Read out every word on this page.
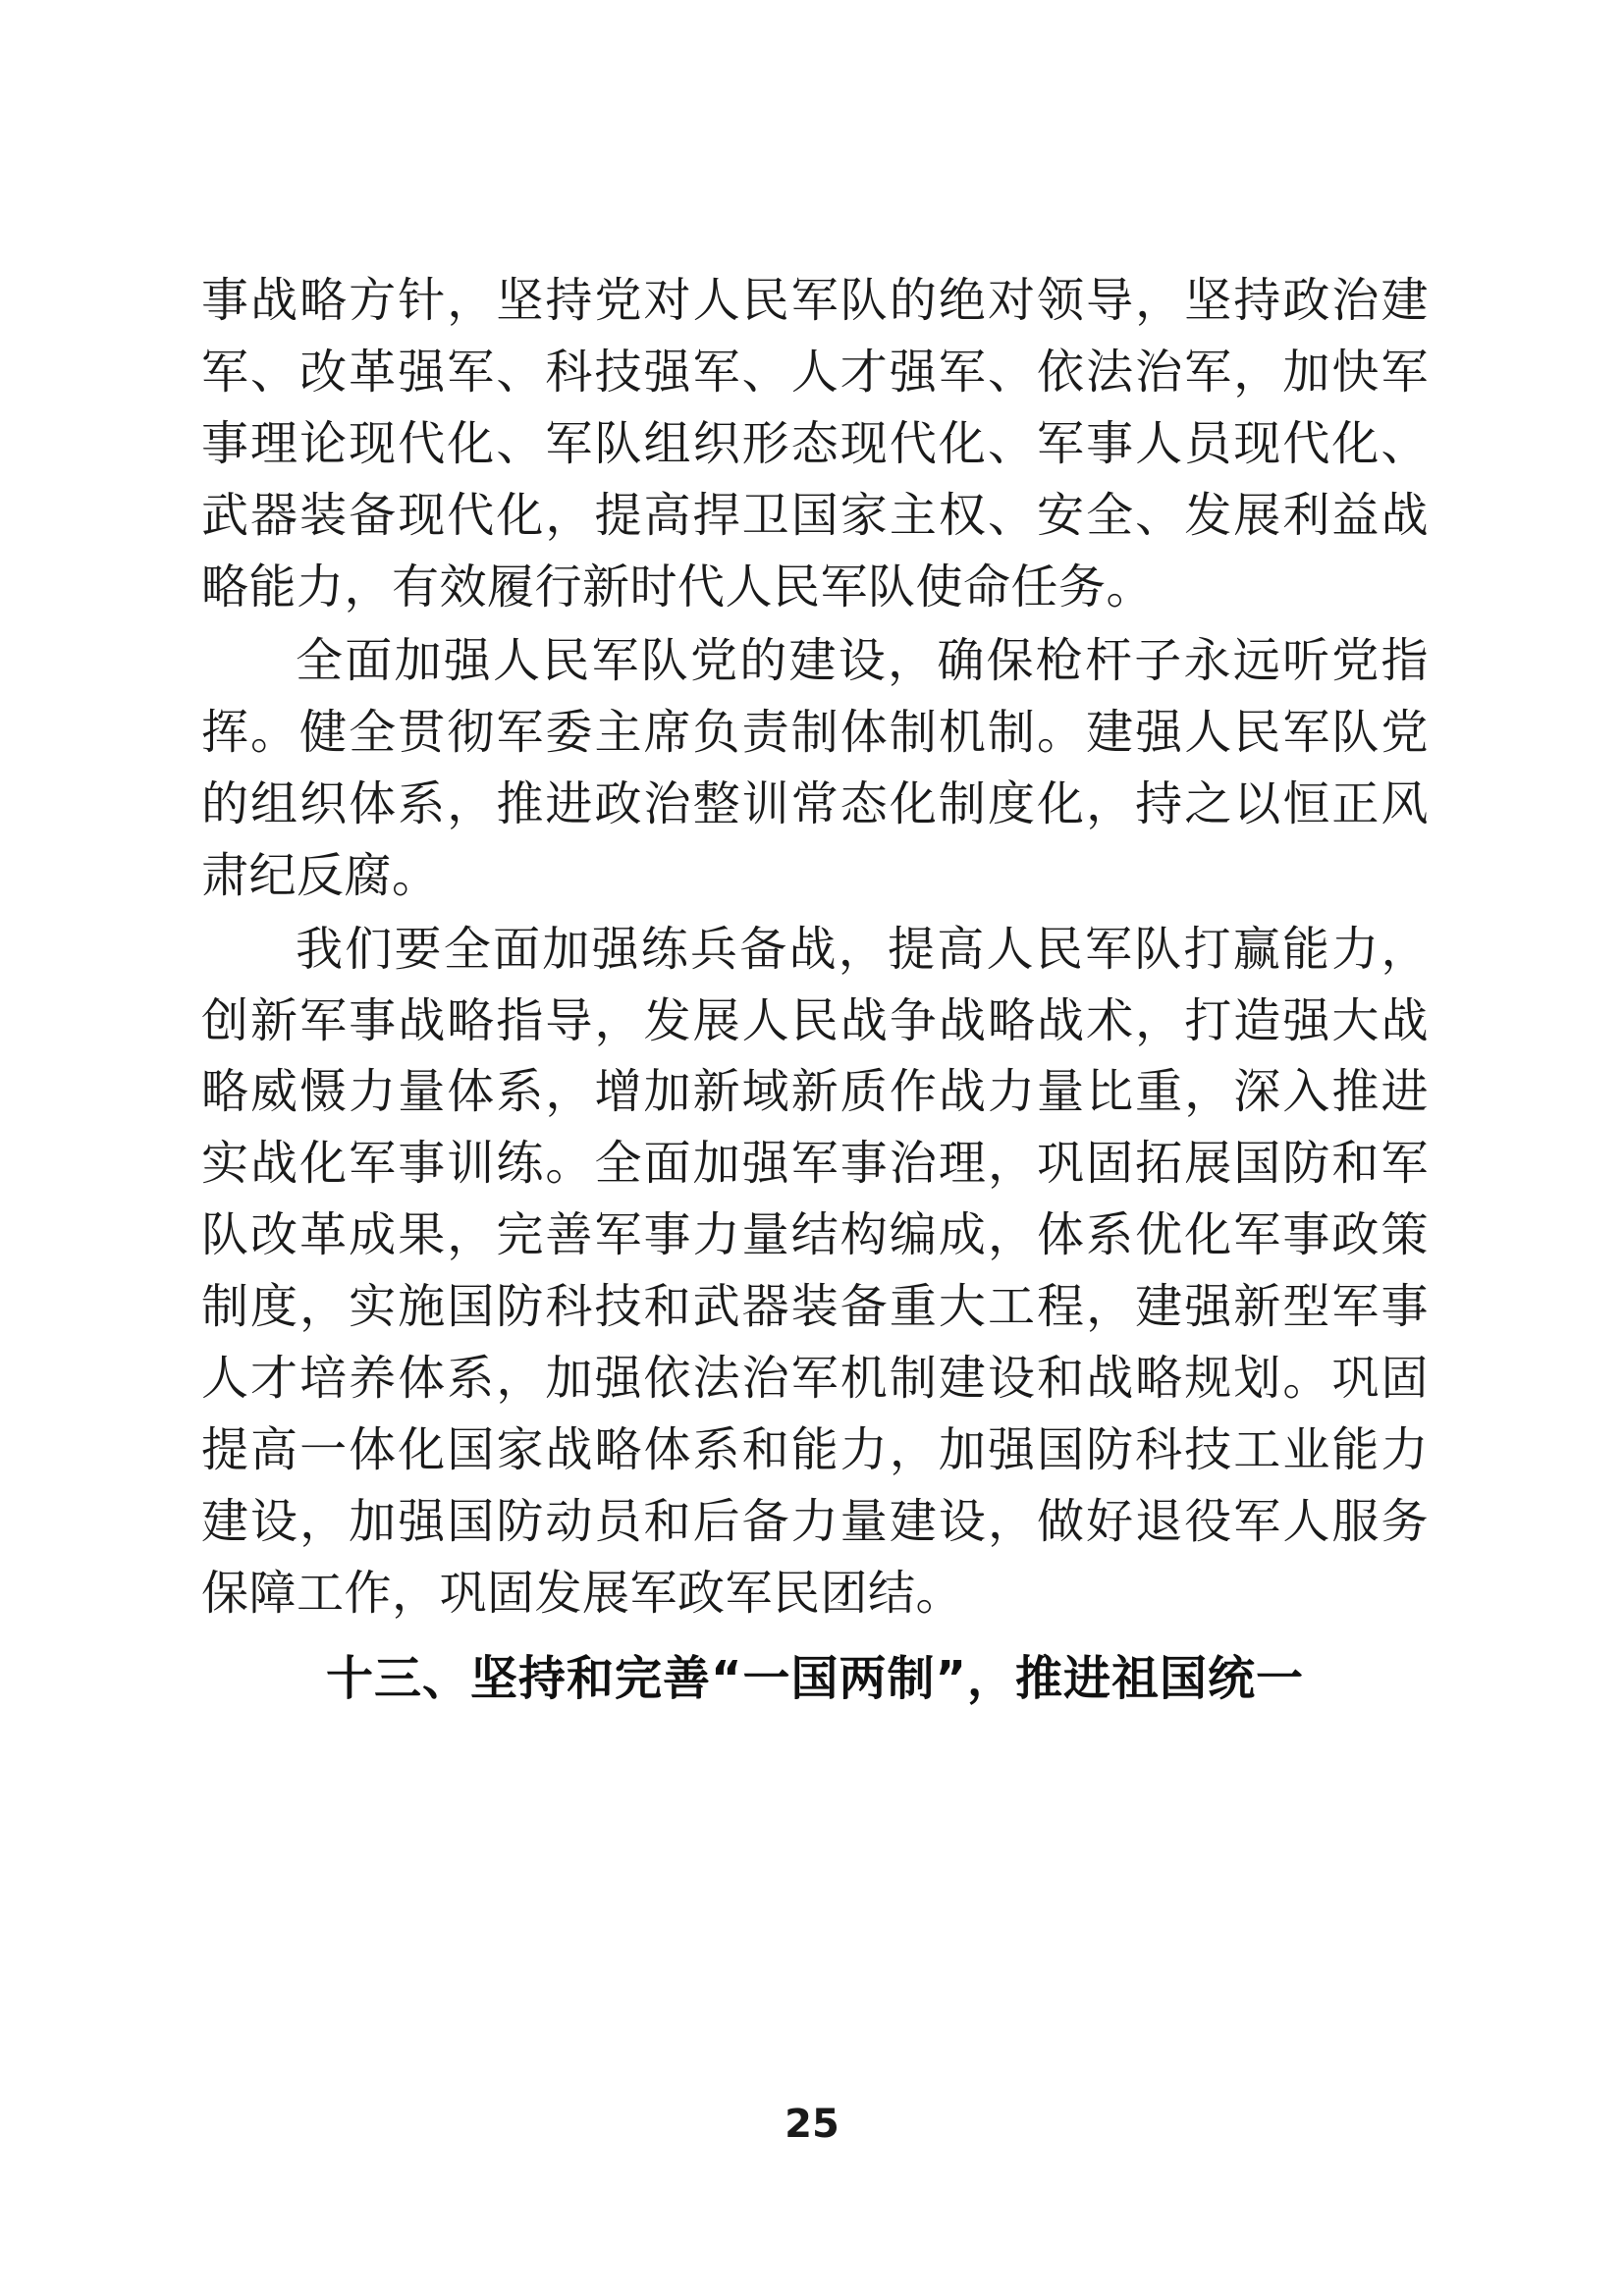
事战略方针，坚持党对人民军队的绝对领导，坚持政治建军、改革强军、科技强军、人才强军、依法治军，加快军事理论现代化、军队组织形态现代化、军事人员现代化、武器装备现代化，提高捍卫国家主权、安全、发展利益战略能力，有效履行新时代人民军队使命任务。

全面加强人民军队党的建设，确保枪杆子永远听党指挥。健全贯彻军委主席负责制体制机制。建强人民军队党的组织体系，推进政治整训常态化制度化，持之以恒正风肃纪反腐。

我们要全面加强练兵备战，提高人民军队打赢能力，创新军事战略指导，发展人民战争战略战术，打造强大战略威慑力量体系，增加新域新质作战力量比重，深入推进实战化军事训练。全面加强军事治理，巩固拓展国防和军队改革成果，完善军事力量结构编成，体系优化军事政策制度，实施国防科技和武器装备重大工程，建强新型军事人才培养体系，加强依法治军机制建设和战略规划。巩固提高一体化国家战略体系和能力，加强国防科技工业能力建设，加强国防动员和后备力量建设，做好退役军人服务保障工作，巩固发展军政军民团结。

十三、坚持和完善“一国两制”，推进祖国统一
25
